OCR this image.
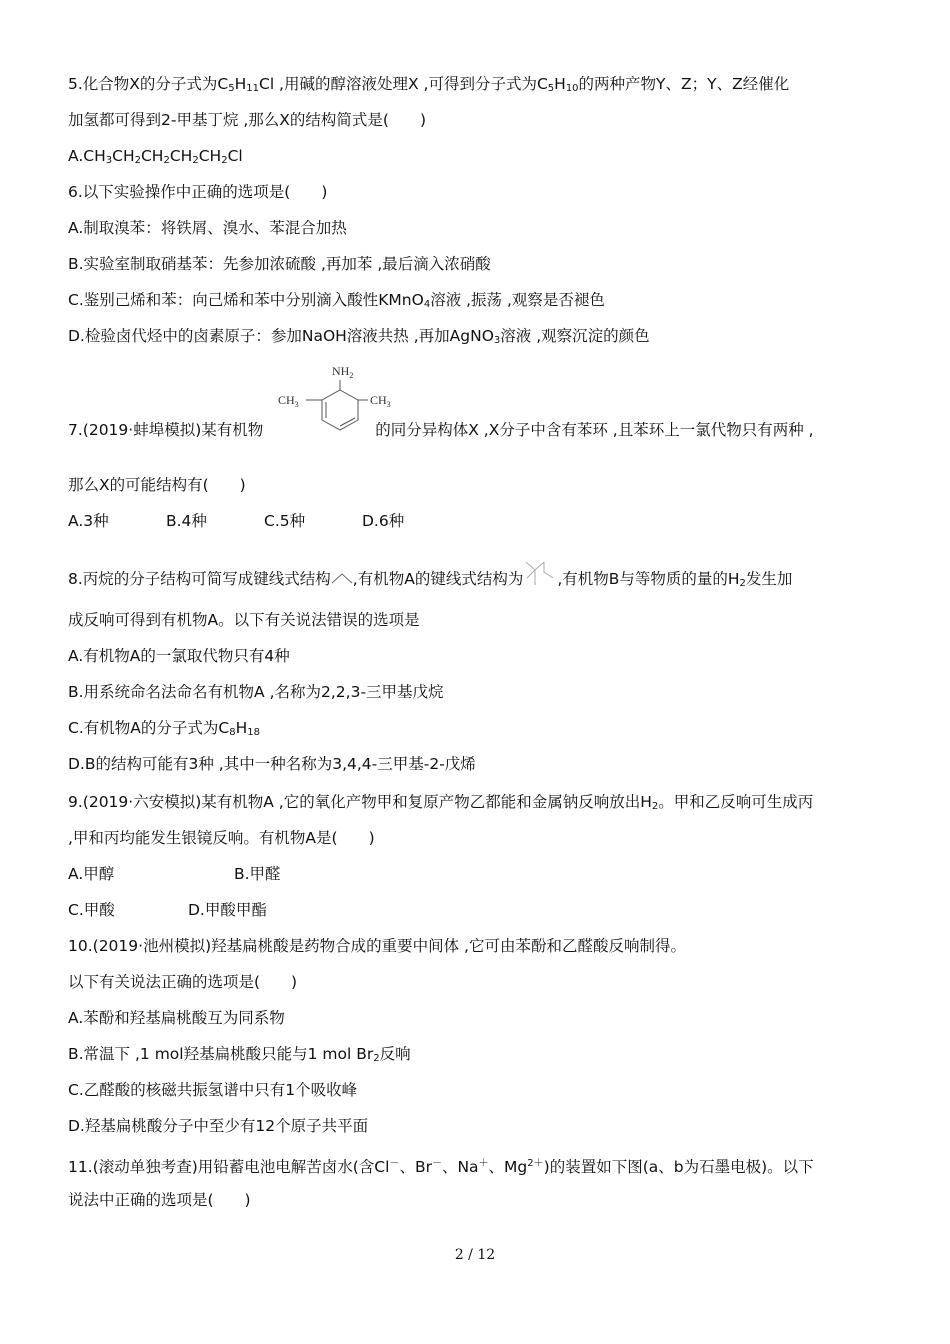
5.化合物X的分子式为$C_5H_{11}Cl$ ,用碱的醇溶液处理X ,可得到分子式为$C_5H_{10}$的两种产物Y、Z；Y、Z经催化
加氢都可得到2-甲基丁烷 ,那么X的结构简式是(　　)
$A.CH_3CH_2CH_2CH_2CH_2Cl$
6.以下实验操作中正确的选项是(　　)
A.制取溴苯：将铁屑、溴水、苯混合加热
B.实验室制取硝基苯：先参加浓硫酸 ,再加苯 ,最后滴入浓硝酸
C.鉴别己烯和苯：向己烯和苯中分别滴入酸性KMnO$_4$溶液 ,振荡 ,观察是否褪色
D.检验卤代烃中的卤素原子：参加NaOH溶液共热 ,再加AgNO$_3$溶液 ,观察沉淀的颜色
7.(2019·蚌埠模拟)某有机物	的同分异构体X ,X分子中含有苯环 ,且苯环上一氯代物只有两种 ,
$NH_2$
$CH_3$	$CH_3$
那么X的可能结构有(　　)
A.3种	B.4种	C.5种	D.6种
8.丙烷的分子结构可简写成键线式结构 ,有机物A的键线式结构为 ,有机物B与等物质的量的$H_2$发生加
成反响可得到有机物A。以下有关说法错误的选项是
A.有机物A的一氯取代物只有4种
B.用系统命名法命名有机物A ,名称为2,2,3-三甲基戊烷
C.有机物A的分子式为$C_8H_{18}$
D.B的结构可能有3种 ,其中一种名称为3,4,4-三甲基-2-戊烯
9.(2019·六安模拟)某有机物A ,它的氧化产物甲和复原产物乙都能和金属钠反响放出$H_2$。甲和乙反响可生成丙
,甲和丙均能发生银镜反响。有机物A是(　　)
A.甲醇	B.甲醛
C.甲酸	D.甲酸甲酯
10.(2019·池州模拟)羟基扁桃酸是药物合成的重要中间体 ,它可由苯酚和乙醛酸反响制得。
以下有关说法正确的选项是(　　)
A.苯酚和羟基扁桃酸互为同系物
B.常温下 ,1 mol羟基扁桃酸只能与1 mol $Br_2$反响
C.乙醛酸的核磁共振氢谱中只有1个吸收峰
D.羟基扁桃酸分子中至少有12个原子共平面
11.(滚动单独考查)用铅蓄电池电解苦卤水(含Cl－、Br－、Na＋、$Mg^{2+}$)的装置如下图(a、b为石墨电极)。以下
说法中正确的选项是(　　)
2 / 12
